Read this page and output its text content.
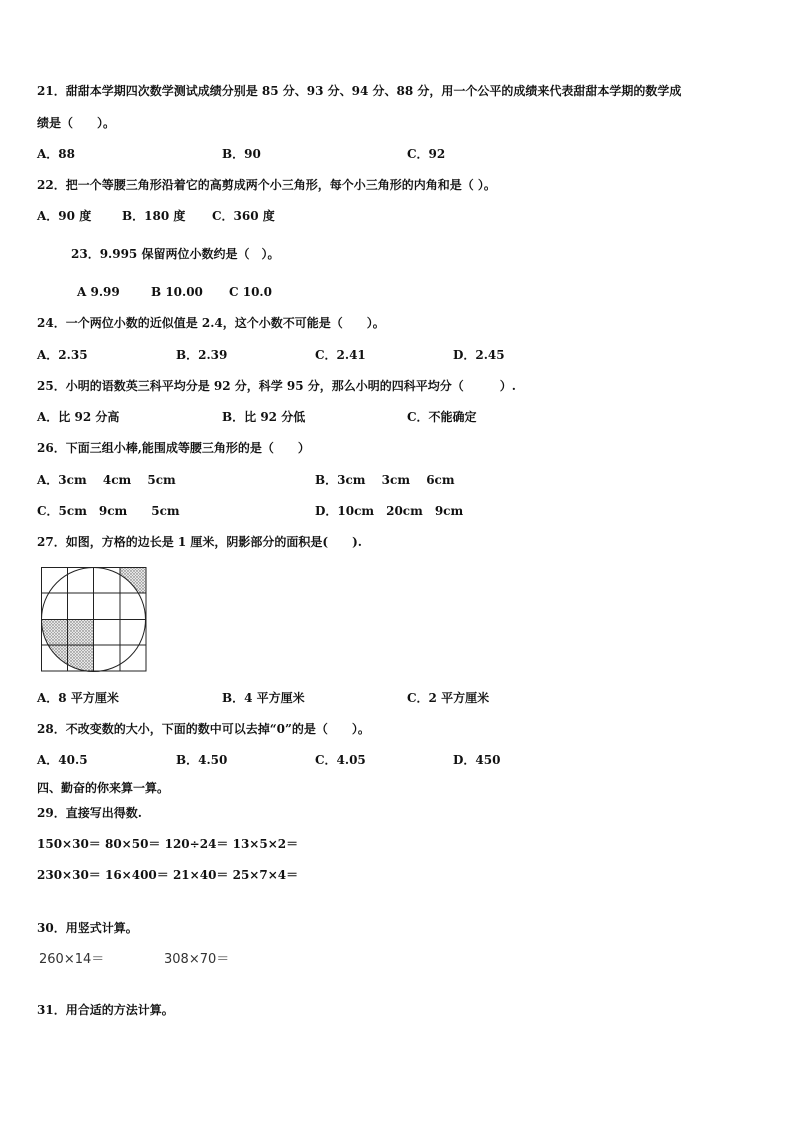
21．甜甜本学期四次数学测试成绩分别是 85 分、93 分、94 分、88 分，用一个公平的成绩来代表甜甜本学期的数学成
绩是（　　）。
A．88	B．90	C．92
22．把一个等腰三角形沿着它的高剪成两个小三角形，每个小三角形的内角和是（ ）。
A．90 度	B．180 度 C．360 度
23．9.995 保留两位小数约是（　）。
A 9.99	B 10.00 C 10.0
24．一个两位小数的近似值是 2.4，这个小数不可能是（　　）。
A．2.35	B．2.39	C．2.41	D．2.45
25．小明的语数英三科平均分是 92 分，科学 95 分，那么小明的四科平均分（　　　）.
A．比 92 分高	B．比 92 分低	C．不能确定
26．下面三组小棒,能围成等腰三角形的是（　　）
A．3cm　 4cm　 5cm	B．3cm　 3cm　 6cm
C．5cm　9cm　　5cm	D．10cm　20cm　9cm
27．如图，方格的边长是 1 厘米，阴影部分的面积是(　　).
A．8 平方厘米	B．4 平方厘米	C．2 平方厘米
28．不改变数的大小，下面的数中可以去掉“0”的是（　　）。
A．40.5	B．4.50	C．4.05	D．450
四、勤奋的你来算一算。
29．直接写出得数.
150×30＝ 80×50＝ 120÷24＝ 13×5×2＝
230×30＝ 16×400＝ 21×40＝ 25×7×4＝
30．用竖式计算。
260×14＝	308×70＝
31．用合适的方法计算。
